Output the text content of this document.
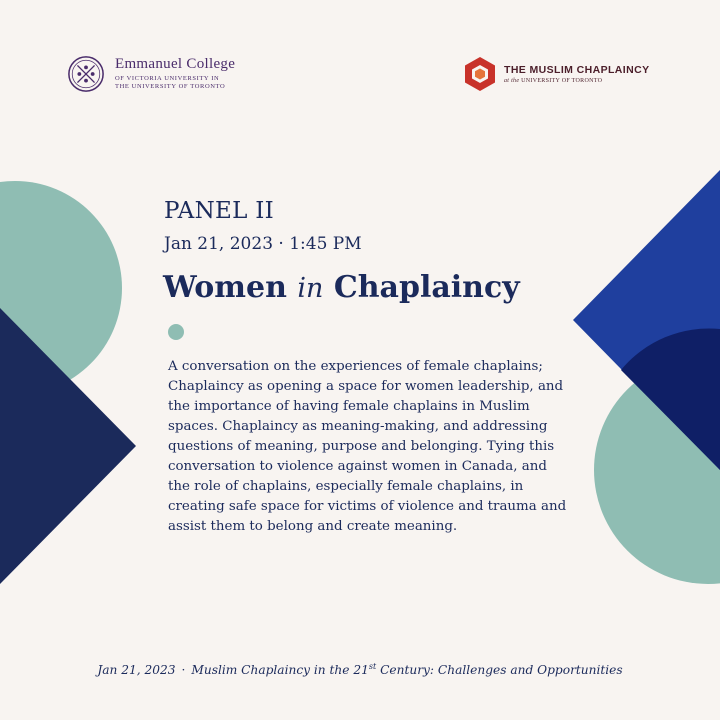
Emmanuel College
OF VICTORIA UNIVERSITY IN
THE UNIVERSITY OF TORONTO
THE MUSLIM CHAPLAINCY
at the UNIVERSITY OF TORONTO
PANEL II
Jan 21, 2023 · 1:45 PM
Women in Chaplaincy
A conversation on the experiences of female chaplains; Chaplaincy as opening a space for women leadership, and the importance of having female chaplains in Muslim spaces. Chaplaincy as meaning-making, and addressing questions of meaning, purpose and belonging. Tying this conversation to violence against women in Canada, and the role of chaplains, especially female chaplains, in creating safe space for victims of violence and trauma and assist them to belong and create meaning.
Jan 21, 2023 · Muslim Chaplaincy in the 21st Century: Challenges and Opportunities
